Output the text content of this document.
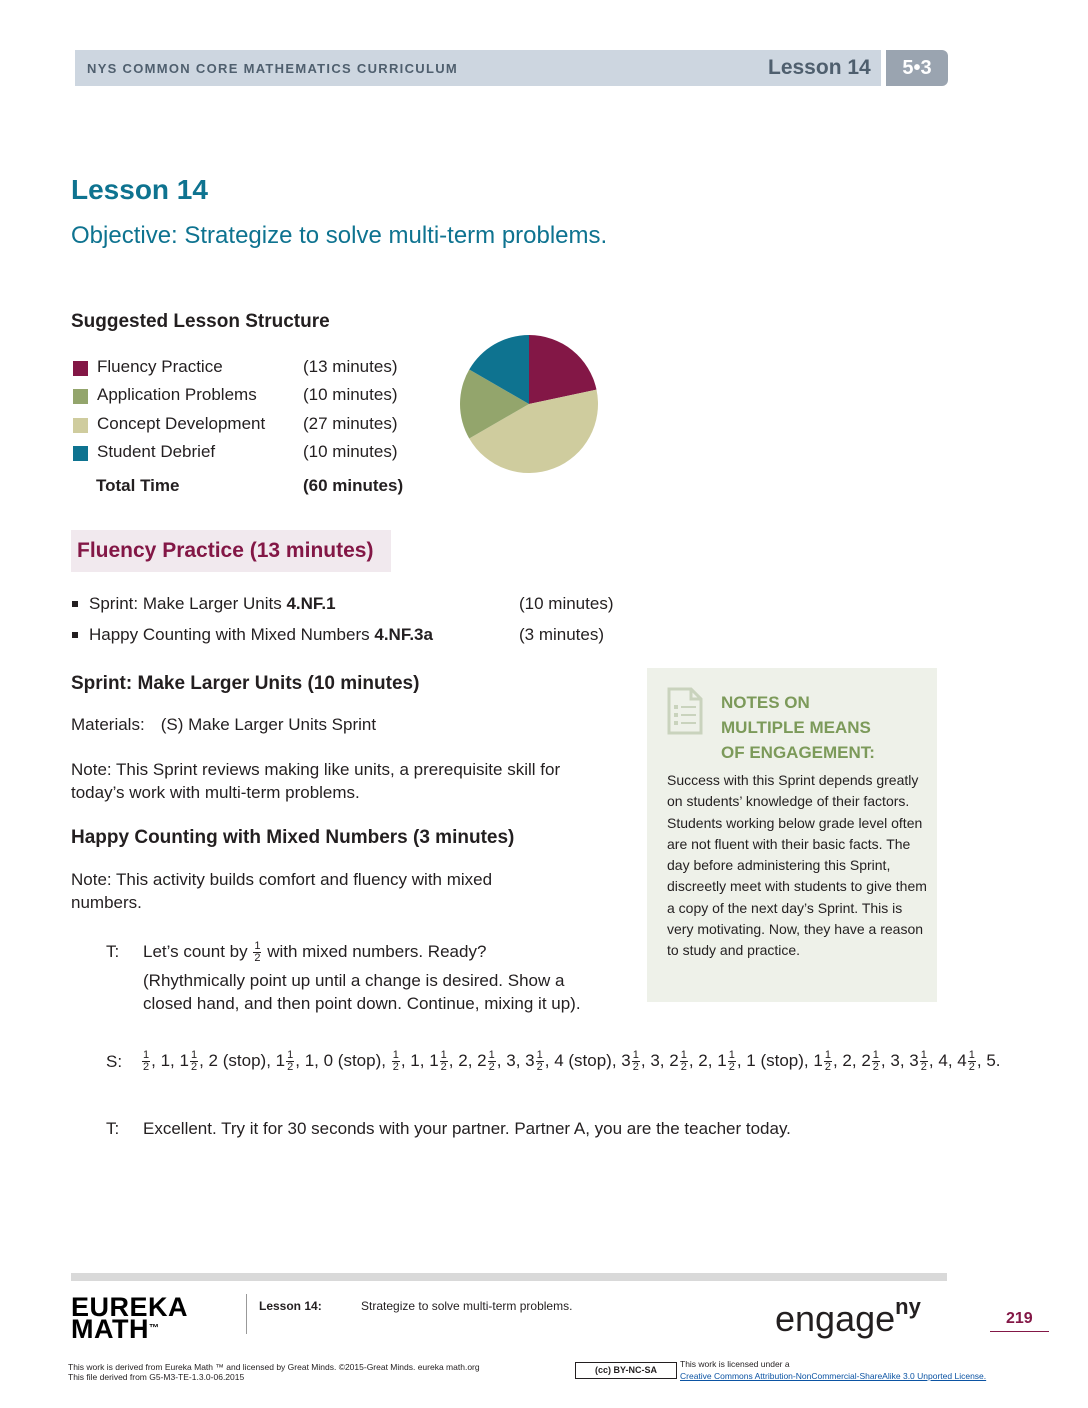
NYS COMMON CORE MATHEMATICS CURRICULUM	Lesson 14	5•3
Lesson 14
Objective: Strategize to solve multi-term problems.
Suggested Lesson Structure
Fluency Practice	(13 minutes)
Application Problems	(10 minutes)
Concept Development (27 minutes)
Student Debrief	(10 minutes)
Total Time	(60 minutes)
Fluency Practice (13 minutes)
Sprint: Make Larger Units 4.NF.1	(10 minutes)
Happy Counting with Mixed Numbers 4.NF.3a	(3 minutes)
Sprint: Make Larger Units (10 minutes)
Materials: (S) Make Larger Units Sprint
Note: This Sprint reviews making like units, a prerequisite skill for today’s work with multi-term problems.
Happy Counting with Mixed Numbers (3 minutes)
Note: This activity builds comfort and fluency with mixed numbers.
T: Let’s count by $\frac{1}{2}$ with mixed numbers. Ready?
(Rhythmically point up until a change is desired. Show a closed hand, and then point down. Continue, mixing it up).
S: $\frac{1}{2}$ , 1, $1 \frac{1}{2}$ , 2 (stop), $1 \frac{1}{2}$ , 1, 0 (stop), $\frac{1}{2}$ , 1, $1 \frac{1}{2}$ , 2, $2 \frac{1}{2}$ , 3, $3 \frac{1}{2}$ , 4 (stop), $3 \frac{1}{2}$ , 3, $2 \frac{1}{2}$ , 2, $1 \frac{1}{2}$ , 1 (stop), $1 \frac{1}{2}$ , 2, $2 \frac{1}{2}$ , 3, $3 \frac{1}{2}$ , 4, $4 \frac{1}{2}$ , 5.
T: Excellent. Try it for 30 seconds with your partner. Partner A, you are the teacher today.
NOTES ON
MULTIPLE MEANS
OF ENGAGEMENT:
Success with this Sprint depends greatly on students’ knowledge of their factors. Students working below grade level often are not fluent with their basic facts. The day before administering this Sprint, discreetly meet with students to give them a copy of the next day’s Sprint. This is very motivating. Now, they have a reason to study and practice.
EUREKA
MATH™
Lesson 14:	Strategize to solve multi-term problems.	engage$^{ny}$	219
This work is derived from Eureka Math ™ and licensed by Great Minds. ©2015-Great Minds. eureka math.org
This file derived from G5-M3-TE-1.3.0-06.2015
(cc) BY-NC-SA
This work is licensed under a
Creative Commons Attribution-NonCommercial-ShareAlike 3.0 Unported License.
